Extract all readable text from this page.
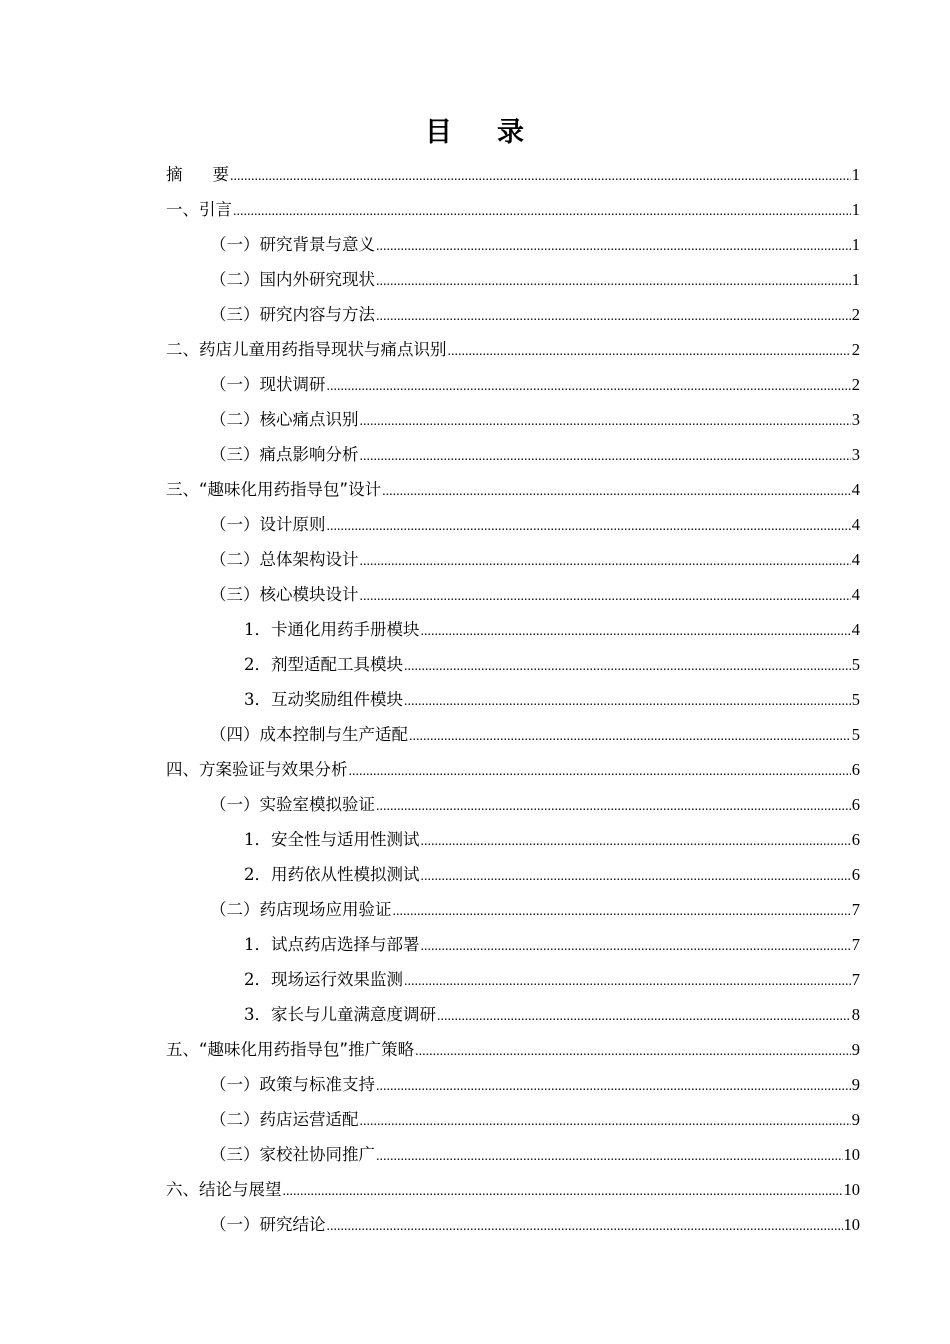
目 录
摘 要 .....	1
一、引言 .....	1
（一）研究背景与意义 .....	1
（二）国内外研究现状 .....	1
（三）研究内容与方法 .....	2
二、药店儿童用药指导现状与痛点识别 .....	2
（一）现状调研 .....	2
（二）核心痛点识别 .....	3
（三）痛点影响分析 .....	3
三、“趣味化用药指导包”设计 .....	4
（一）设计原则 .....	4
（二）总体架构设计 .....	4
（三）核心模块设计 .....	4
1．卡通化用药手册模块 .....	4
2．剂型适配工具模块 .....	5
3．互动奖励组件模块 .....	5
（四）成本控制与生产适配 .....	5
四、方案验证与效果分析 .....	6
（一）实验室模拟验证 .....	6
1．安全性与适用性测试 .....	6
2．用药依从性模拟测试 .....	6
（二）药店现场应用验证 .....	7
1．试点药店选择与部署 .....	7
2．现场运行效果监测 .....	7
3．家长与儿童满意度调研 .....	8
五、“趣味化用药指导包”推广策略 .....	9
（一）政策与标准支持 .....	9
（二）药店运营适配 .....	9
（三）家校社协同推广 .....	10
六、结论与展望 .....	10
（一）研究结论 .....	10
